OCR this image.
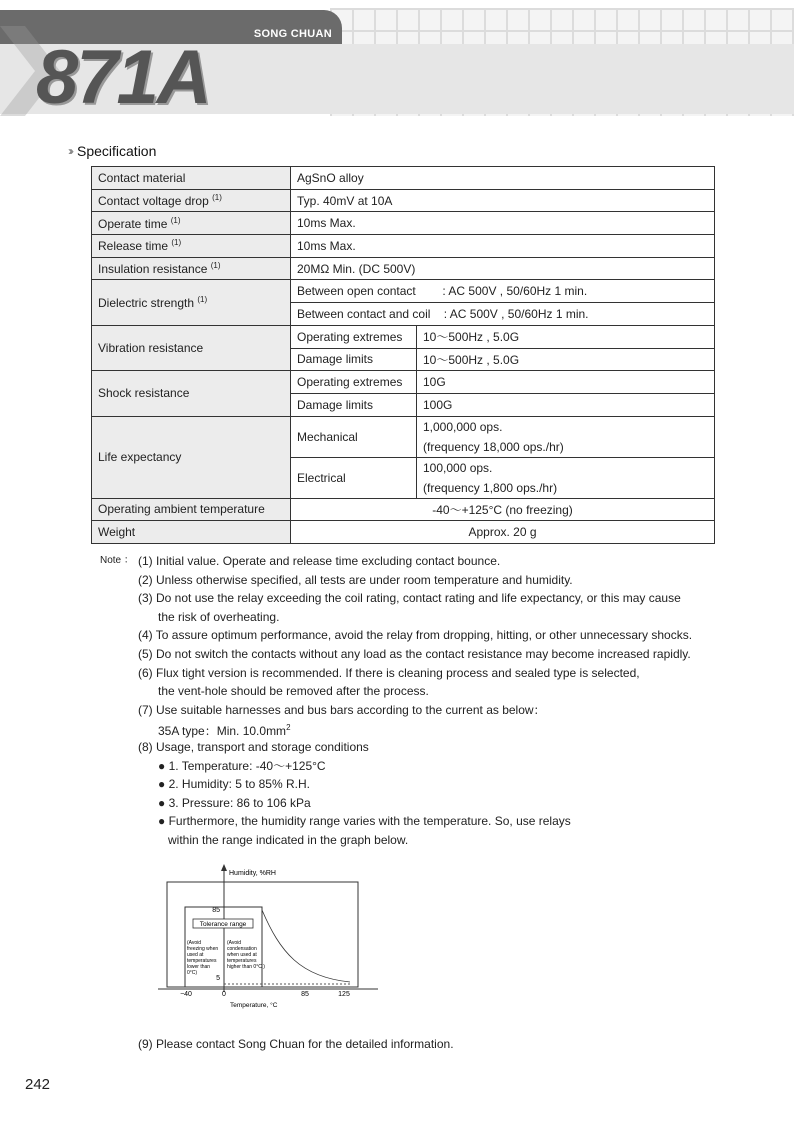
SONG CHUAN
871A
››› Specification
Contact material	AgSnO alloy	
Contact voltage drop $^{(1)}$	Typ. 40mV at 10A	
Operate time $^{(1)}$	10ms Max.	
Release time $^{(1)}$	10ms Max.	
Insulation resistance $^{(1)}$	20MΩ Min. (DC 500V)	
Dielectric strength $^{(1)}$	Between open contact        : AC 500V , 50/60Hz 1 min.	
	Between contact and coil    : AC 500V , 50/60Hz 1 min.	
Vibration resistance	Operating extremes	10～500Hz , 5.0G
	Damage limits	10～500Hz , 5.0G
Shock resistance	Operating extremes	10G
	Damage limits	100G
Life expectancy	Mechanical	1,000,000 ops.
(frequency 18,000 ops./hr)

	Electrical	100,000 ops.
(frequency 1,800 ops./hr)

Operating ambient temperature	-40～+125°C (no freezing)	
Weight	Approx. 20 g	
Note ： (1) Initial value. Operate and release time excluding contact bounce.
(2) Unless otherwise specified, all tests are under room temperature and humidity.
(3) Do not use the relay exceeding the coil rating, contact rating and life expectancy, or this may cause
the risk of overheating.
(4) To assure optimum performance, avoid the relay from dropping, hitting, or other unnecessary shocks.
(5) Do not switch the contacts without any load as the contact resistance may become increased rapidly.
(6) Flux tight version is recommended. If there is cleaning process and sealed type is selected,
the vent-hole should be removed after the process.
(7) Use suitable harnesses and bus bars according to the current as below：
35A type：Min. $10.0mm^2$
(8) Usage, transport and storage conditions
● 1. Temperature: -40～+125°C
● 2. Humidity: 5 to 85% R.H.
● 3. Pressure: 86 to 106 kPa
● Furthermore, the humidity range varies with the temperature. So, use relays
within the range indicated in the graph below.
(9) Please contact Song Chuan for the detailed information.
Tolerance range
Humidity, %RH
85
5
−40	0	85	125
Temperature, °C
(Avoid
freezing when
used at
temperatures
lower than
0°C)
(Avoid
condensation
when used at
temperatures
higher than 0°C )
242
